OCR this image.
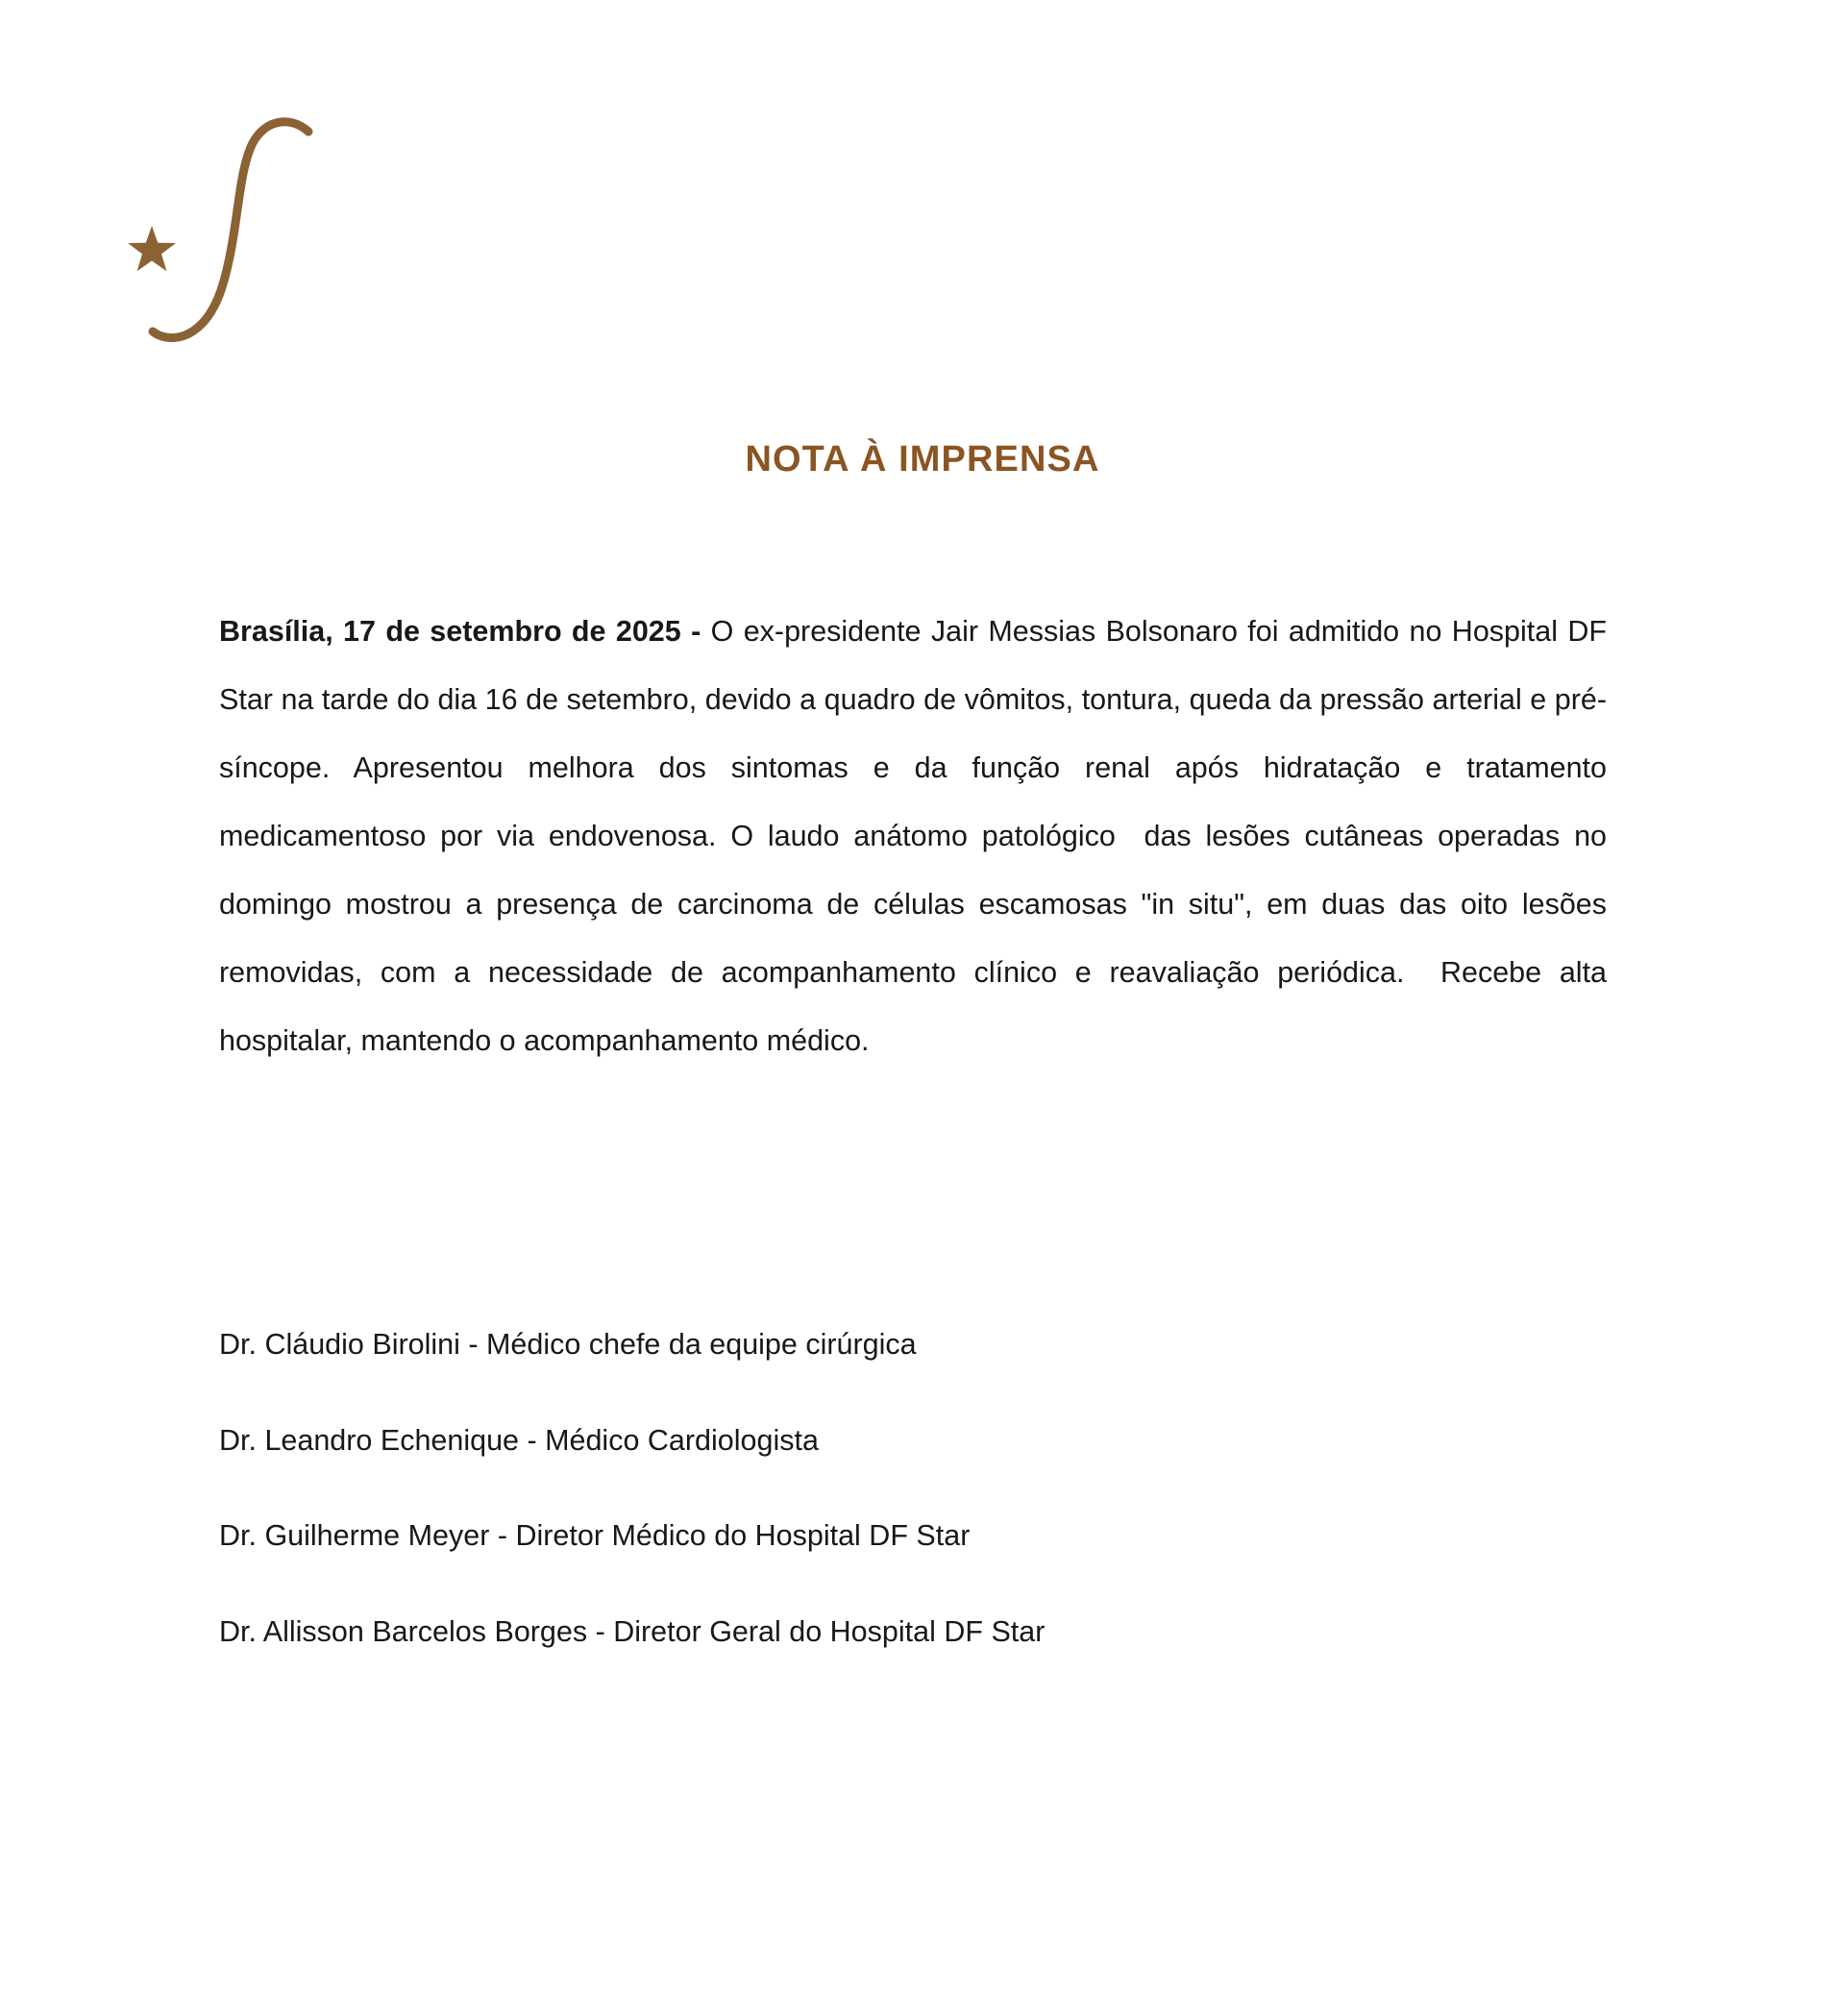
NOTA À IMPRENSA

Brasília, 17 de setembro de 2025 - O ex-presidente Jair Messias Bolsonaro foi admitido no Hospital DF Star na tarde do dia 16 de setembro, devido a quadro de vômitos, tontura, queda da pressão arterial e pré-síncope. Apresentou melhora dos sintomas e da função renal após hidratação e tratamento medicamentoso por via endovenosa. O laudo anátomo patológico  das lesões cutâneas operadas no domingo mostrou a presença de carcinoma de células escamosas "in situ", em duas das oito lesões removidas, com a necessidade de acompanhamento clínico e reavaliação periódica.  Recebe alta hospitalar, mantendo o acompanhamento médico.

Dr. Cláudio Birolini - Médico chefe da equipe cirúrgica
Dr. Leandro Echenique - Médico Cardiologista
Dr. Guilherme Meyer - Diretor Médico do Hospital DF Star
Dr. Allisson Barcelos Borges - Diretor Geral do Hospital DF Star
